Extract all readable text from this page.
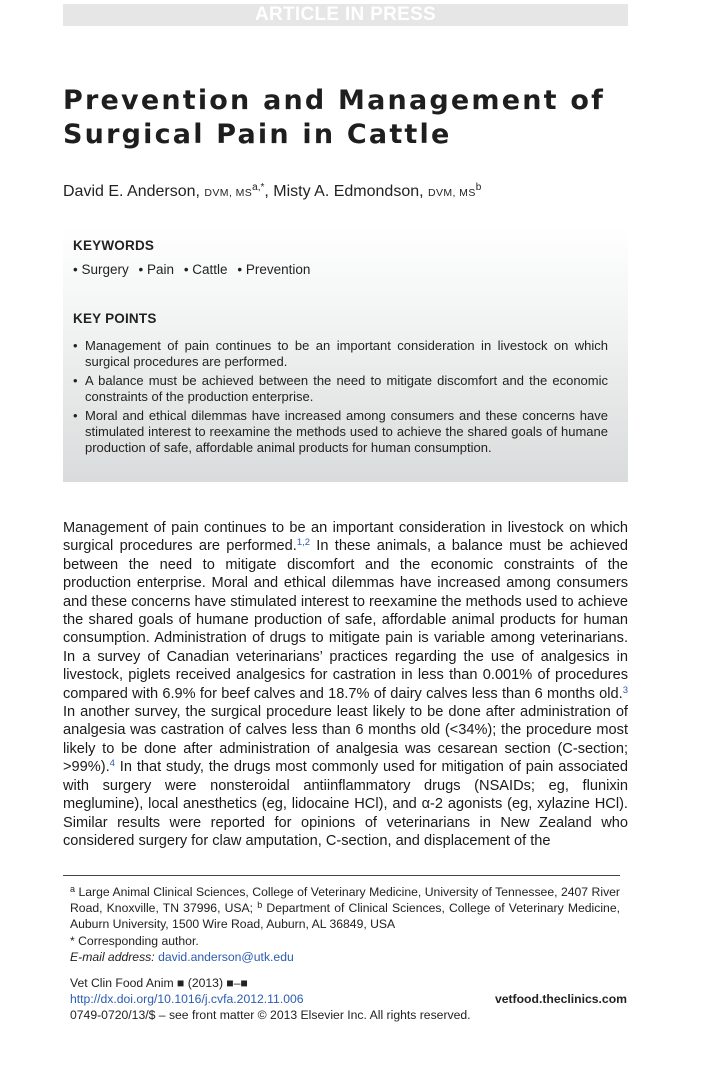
ARTICLE IN PRESS
Prevention and Management of
Surgical Pain in Cattle
David E. Anderson, DVM, $MS^{a,*}$, Misty A. Edmondson, DVM, $MS^b$
KEYWORDS
• Surgery • Pain • Cattle • Prevention
KEY POINTS
• Management of pain continues to be an important consideration in livestock on which surgical procedures are performed.
• A balance must be achieved between the need to mitigate discomfort and the economic constraints of the production enterprise.
• Moral and ethical dilemmas have increased among consumers and these concerns have stimulated interest to reexamine the methods used to achieve the shared goals of humane production of safe, affordable animal products for human consumption.

Management of pain continues to be an important consideration in livestock on which surgical procedures are performed.$^{1,2}$ In these animals, a balance must be achieved between the need to mitigate discomfort and the economic constraints of the production enterprise. Moral and ethical dilemmas have increased among consumers and these concerns have stimulated interest to reexamine the methods used to achieve the shared goals of humane production of safe, affordable animal products for human consumption. Administration of drugs to mitigate pain is variable among veterinarians. In a survey of Canadian veterinarians’ practices regarding the use of analgesics in livestock, piglets received analgesics for castration in less than 0.001% of procedures compared with 6.9% for beef calves and 18.7% of dairy calves less than 6 months old.$^3$ In another survey, the surgical procedure least likely to be done after administration of analgesia was castration of calves less than 6 months old (<34%); the procedure most likely to be done after administration of analgesia was cesarean section (C-section; >99%).$^4$ In that study, the drugs most commonly used for mitigation of pain associated with surgery were nonsteroidal antiinflammatory drugs (NSAIDs; eg, flunixin meglumine), local anesthetics (eg, lidocaine HCl), and α-2 agonists (eg, xylazine HCl). Similar results were reported for opinions of veterinarians in New Zealand who considered surgery for claw amputation, C-section, and displacement of the

$^a$ Large Animal Clinical Sciences, College of Veterinary Medicine, University of Tennessee, 2407 River Road, Knoxville, TN 37996, USA; $^b$ Department of Clinical Sciences, College of Veterinary Medicine, Auburn University, 1500 Wire Road, Auburn, AL 36849, USA
* Corresponding author.
E-mail address: david.anderson@utk.edu
Vet Clin Food Anim ■ (2013) ■–■
http://dx.doi.org/10.1016/j.cvfa.2012.11.006	vetfood.theclinics.com
0749-0720/13/$ – see front matter © 2013 Elsevier Inc. All rights reserved.
